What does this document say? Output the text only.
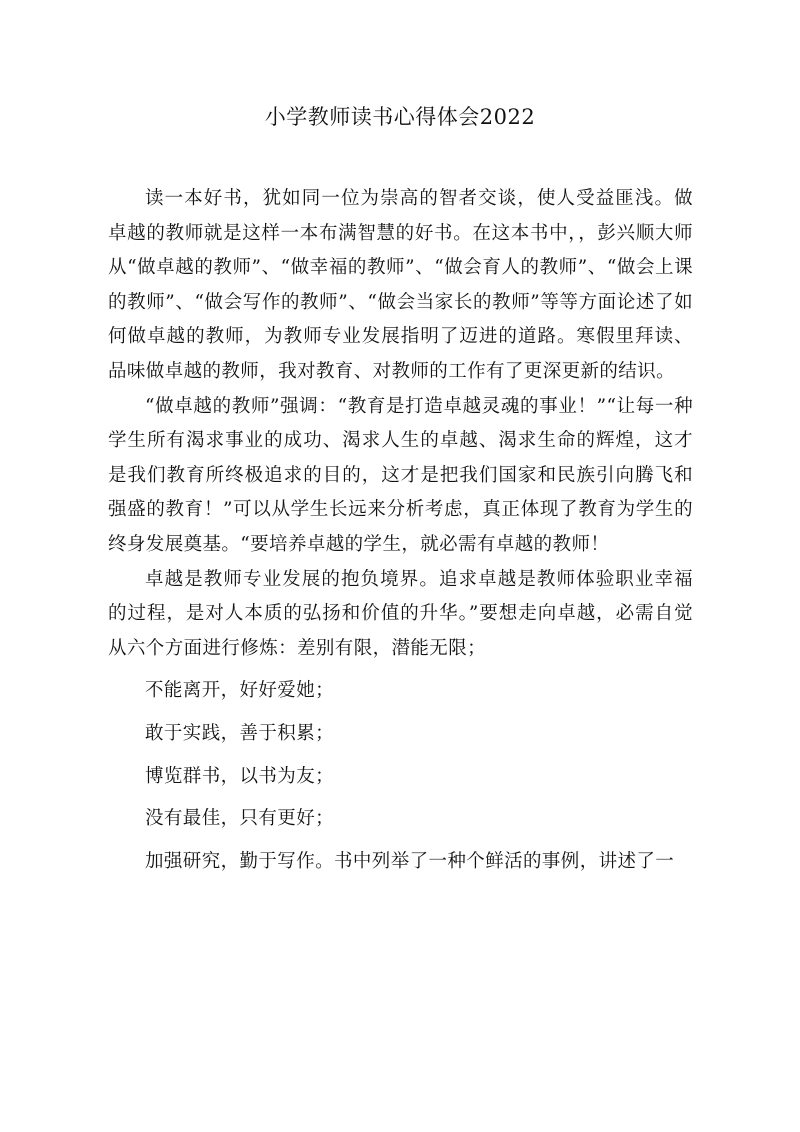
小学教师读书心得体会2022

读一本好书，犹如同一位为崇高的智者交谈，使人受益匪浅。做卓越的教师就是这样一本布满智慧的好书。在这本书中，，彭兴顺大师从“做卓越的教师”、“做幸福的教师”、“做会育人的教师”、“做会上课的教师”、“做会写作的教师”、“做会当家长的教师”等等方面论述了如何做卓越的教师，为教师专业发展指明了迈进的道路。寒假里拜读、品味做卓越的教师，我对教育、对教师的工作有了更深更新的结识。

“做卓越的教师”强调：“教育是打造卓越灵魂的事业！”“让每一种学生所有渴求事业的成功、渴求人生的卓越、渴求生命的辉煌，这才是我们教育所终极追求的目的，这才是把我们国家和民族引向腾飞和强盛的教育！”可以从学生长远来分析考虑，真正体现了教育为学生的终身发展奠基。“要培养卓越的学生，就必需有卓越的教师！

卓越是教师专业发展的抱负境界。追求卓越是教师体验职业幸福的过程，是对人本质的弘扬和价值的升华。”要想走向卓越，必需自觉从六个方面进行修炼：差别有限，潜能无限；

不能离开，好好爱她；

敢于实践，善于积累；

博览群书，以书为友；

没有最佳，只有更好；

加强研究，勤于写作。书中列举了一种个鲜活的事例，讲述了一
